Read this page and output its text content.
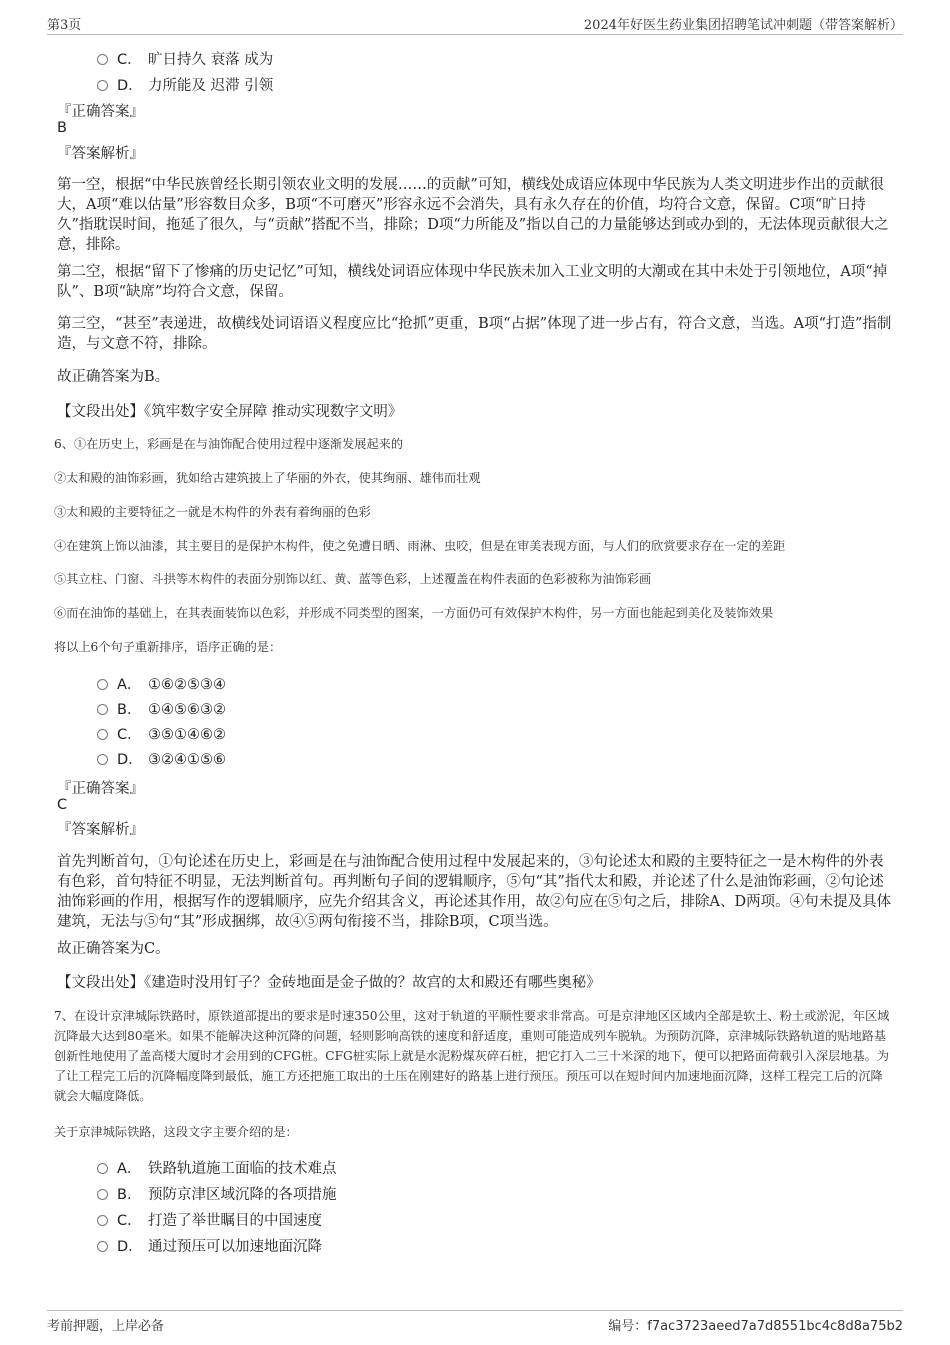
第3页	2024年好医生药业集团招聘笔试冲刺题（带答案解析）
C． 旷日持久 衰落 成为
D． 力所能及 迟滞 引领
『正确答案』
B
『答案解析』
第一空，根据“中华民族曾经长期引领农业文明的发展……的贡献”可知，横线处成语应体现中华民族为人类文明进步作出的贡献很大，A项“难以估量”形容数目众多，B项“不可磨灭”形容永远不会消失，具有永久存在的价值，均符合文意，保留。C项“旷日持久”指耽误时间，拖延了很久，与“贡献”搭配不当，排除；D项“力所能及”指以自己的力量能够达到或办到的，无法体现贡献很大之意，排除。
第二空，根据“留下了惨痛的历史记忆”可知，横线处词语应体现中华民族未加入工业文明的大潮或在其中未处于引领地位，A项“掉队”、B项“缺席”均符合文意，保留。
第三空，“甚至”表递进，故横线处词语语义程度应比“抢抓”更重，B项“占据”体现了进一步占有，符合文意，当选。A项“打造”指制造，与文意不符，排除。
故正确答案为B。
【文段出处】《筑牢数字安全屏障 推动实现数字文明》
6、①在历史上，彩画是在与油饰配合使用过程中逐渐发展起来的
②太和殿的油饰彩画，犹如给古建筑披上了华丽的外衣，使其绚丽、雄伟而壮观
③太和殿的主要特征之一就是木构件的外表有着绚丽的色彩
④在建筑上饰以油漆，其主要目的是保护木构件，使之免遭日晒、雨淋、虫咬，但是在审美表现方面，与人们的欣赏要求存在一定的差距
⑤其立柱、门窗、斗拱等木构件的表面分别饰以红、黄、蓝等色彩，上述覆盖在构件表面的色彩被称为油饰彩画
⑥而在油饰的基础上，在其表面装饰以色彩，并形成不同类型的图案，一方面仍可有效保护木构件，另一方面也能起到美化及装饰效果
将以上6个句子重新排序，语序正确的是：
A． ①⑥②⑤③④
B． ①④⑤⑥③②
C． ③⑤①④⑥②
D． ③②④①⑤⑥
『正确答案』
C
『答案解析』
首先判断首句，①句论述在历史上，彩画是在与油饰配合使用过程中发展起来的，③句论述太和殿的主要特征之一是木构件的外表有色彩，首句特征不明显，无法判断首句。再判断句子间的逻辑顺序，⑤句“其”指代太和殿，并论述了什么是油饰彩画，②句论述油饰彩画的作用，根据写作的逻辑顺序，应先介绍其含义，再论述其作用，故②句应在⑤句之后，排除A、D两项。④句未提及具体建筑，无法与⑤句“其”形成捆绑，故④⑤两句衔接不当，排除B项，C项当选。
故正确答案为C。
【文段出处】《建造时没用钉子？金砖地面是金子做的？故宫的太和殿还有哪些奥秘》
7、在设计京津城际铁路时，原铁道部提出的要求是时速350公里，这对于轨道的平顺性要求非常高。可是京津地区区域内全部是软土、粉土或淤泥，年区域沉降最大达到80毫米。如果不能解决这种沉降的问题，轻则影响高铁的速度和舒适度，重则可能造成列车脱轨。为预防沉降，京津城际铁路轨道的贴地路基创新性地使用了盖高楼大厦时才会用到的CFG桩。CFG桩实际上就是水泥粉煤灰碎石桩，把它打入二三十米深的地下，便可以把路面荷载引入深层地基。为了让工程完工后的沉降幅度降到最低，施工方还把施工取出的土压在刚建好的路基上进行预压。预压可以在短时间内加速地面沉降，这样工程完工后的沉降就会大幅度降低。
关于京津城际铁路，这段文字主要介绍的是：
A． 铁路轨道施工面临的技术难点
B． 预防京津区域沉降的各项措施
C． 打造了举世瞩目的中国速度
D． 通过预压可以加速地面沉降
考前押题，上岸必备	编号：f7ac3723aeed7a7d8551bc4c8d8a75b2
